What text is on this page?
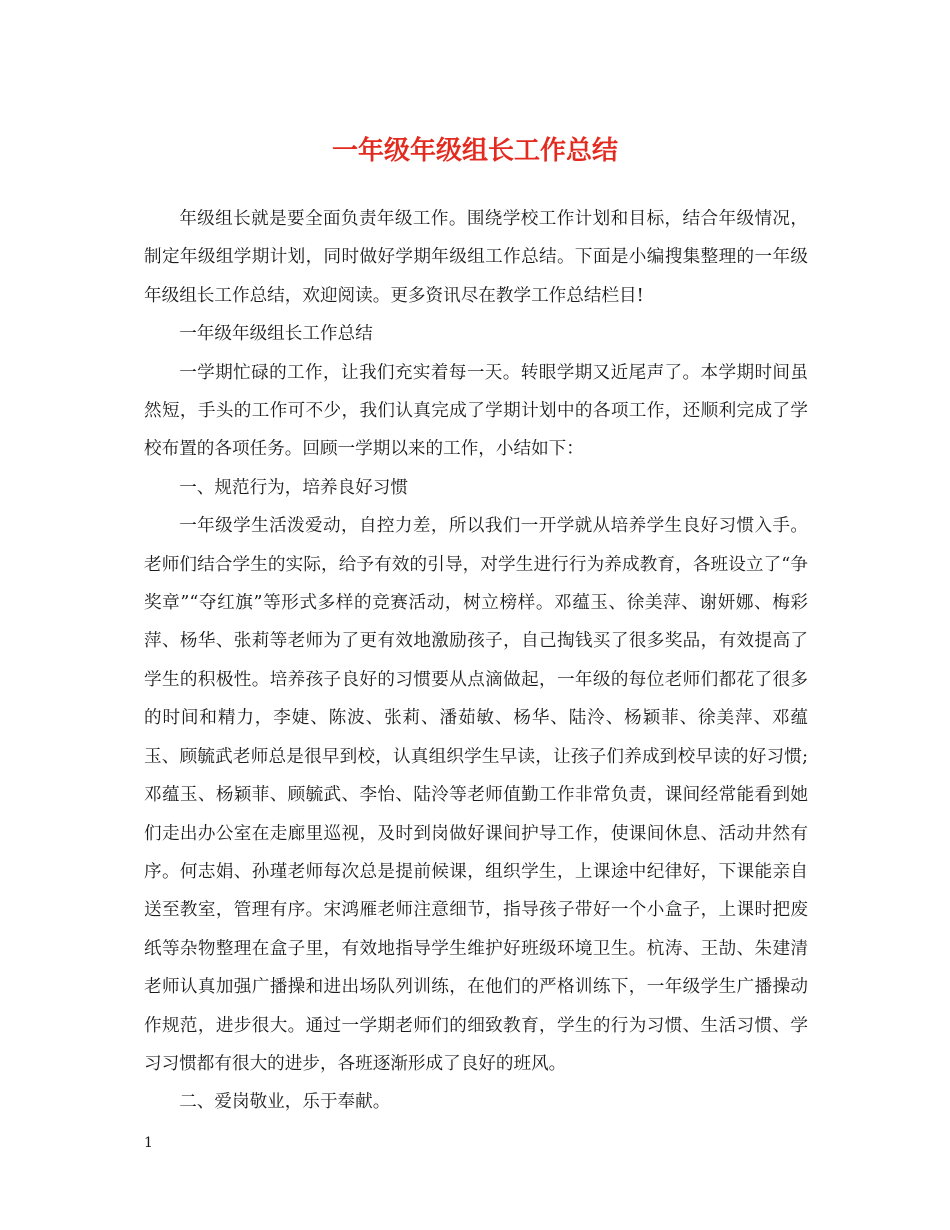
一年级年级组长工作总结

年级组长就是要全面负责年级工作。围绕学校工作计划和目标，结合年级情况，制定年级组学期计划，同时做好学期年级组工作总结。下面是小编搜集整理的一年级年级组长工作总结，欢迎阅读。更多资讯尽在教学工作总结栏目!

一年级年级组长工作总结

一学期忙碌的工作，让我们充实着每一天。转眼学期又近尾声了。本学期时间虽然短，手头的工作可不少，我们认真完成了学期计划中的各项工作，还顺利完成了学校布置的各项任务。回顾一学期以来的工作，小结如下：

一、规范行为，培养良好习惯

一年级学生活泼爱动，自控力差，所以我们一开学就从培养学生良好习惯入手。老师们结合学生的实际，给予有效的引导，对学生进行行为养成教育，各班设立了“争奖章”“夺红旗”等形式多样的竞赛活动，树立榜样。邓蕴玉、徐美萍、谢妍娜、梅彩萍、杨华、张莉等老师为了更有效地激励孩子，自己掏钱买了很多奖品，有效提高了学生的积极性。培养孩子良好的习惯要从点滴做起，一年级的每位老师们都花了很多的时间和精力，李婕、陈波、张莉、潘茹敏、杨华、陆泠、杨颖菲、徐美萍、邓蕴玉、顾毓武老师总是很早到校，认真组织学生早读，让孩子们养成到校早读的好习惯;邓蕴玉、杨颖菲、顾毓武、李怡、陆泠等老师值勤工作非常负责，课间经常能看到她们走出办公室在走廊里巡视，及时到岗做好课间护导工作，使课间休息、活动井然有序。何志娟、孙瑾老师每次总是提前候课，组织学生，上课途中纪律好，下课能亲自送至教室，管理有序。宋鸿雁老师注意细节，指导孩子带好一个小盒子，上课时把废纸等杂物整理在盒子里，有效地指导学生维护好班级环境卫生。杭涛、王劼、朱建清老师认真加强广播操和进出场队列训练，在他们的严格训练下，一年级学生广播操动作规范，进步很大。通过一学期老师们的细致教育，学生的行为习惯、生活习惯、学习习惯都有很大的进步，各班逐渐形成了良好的班风。

二、爱岗敬业，乐于奉献。

1
